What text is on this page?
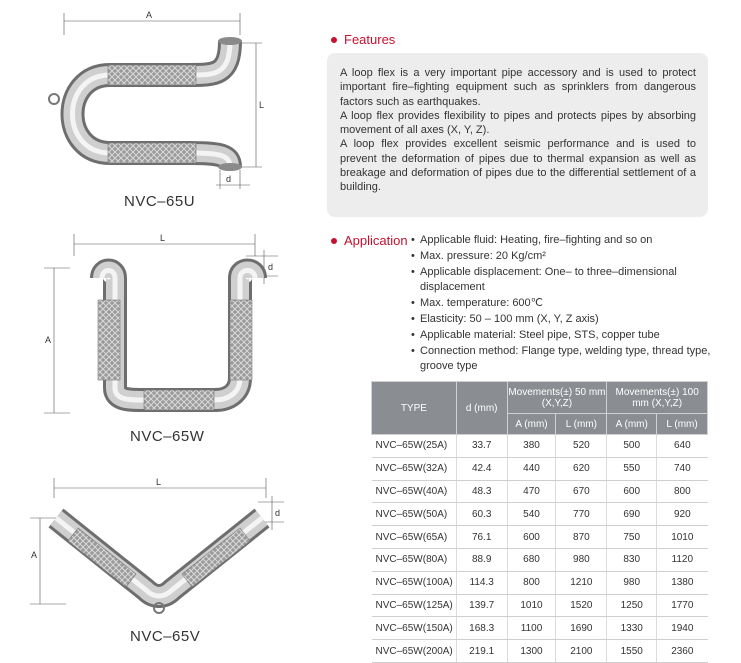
A
L
d
NVC–65U
L
d
A
NVC–65W
L
d
A
NVC–65V
Features

A loop flex is a very important pipe accessory and is used to protect important fire–fighting equipment such as sprinklers from dangerous factors such as earthquakes.

A loop flex provides flexibility to pipes and protects pipes by absorbing movement of all axes (X, Y, Z).

A loop flex provides excellent seismic performance and is used to prevent the deformation of pipes due to thermal expansion as well as breakage and deformation of pipes due to the differential settlement of a building.

Application	• Applicable fluid: Heating, fire–fighting and so on
• Max. pressure: 20 Kg/cm²
• Applicable displacement: One– to three–dimensional displacement
• Max. temperature: 600℃
• Elasticity: 50 – 100 mm (X, Y, Z axis)
• Applicable material: Steel pipe, STS, copper tube
• Connection method: Flange type, welding type, thread type, groove type
TYPE	d (mm)	Movements(±) 50 mm (X,Y,Z)		Movements(±) 100 mm (X,Y,Z)	
		A (mm)	L (mm)	A (mm)	L (mm)
NVC–65W(25A)	33.7	380	520	500	640
NVC–65W(32A)	42.4	440	620	550	740
NVC–65W(40A)	48.3	470	670	600	800
NVC–65W(50A)	60.3	540	770	690	920
NVC–65W(65A)	76.1	600	870	750	1010
NVC–65W(80A)	88.9	680	980	830	1120
NVC–65W(100A)	114.3	800	1210	980	1380
NVC–65W(125A)	139.7	1010	1520	1250	1770
NVC–65W(150A)	168.3	1100	1690	1330	1940
NVC–65W(200A)	219.1	1300	2100	1550	2360
